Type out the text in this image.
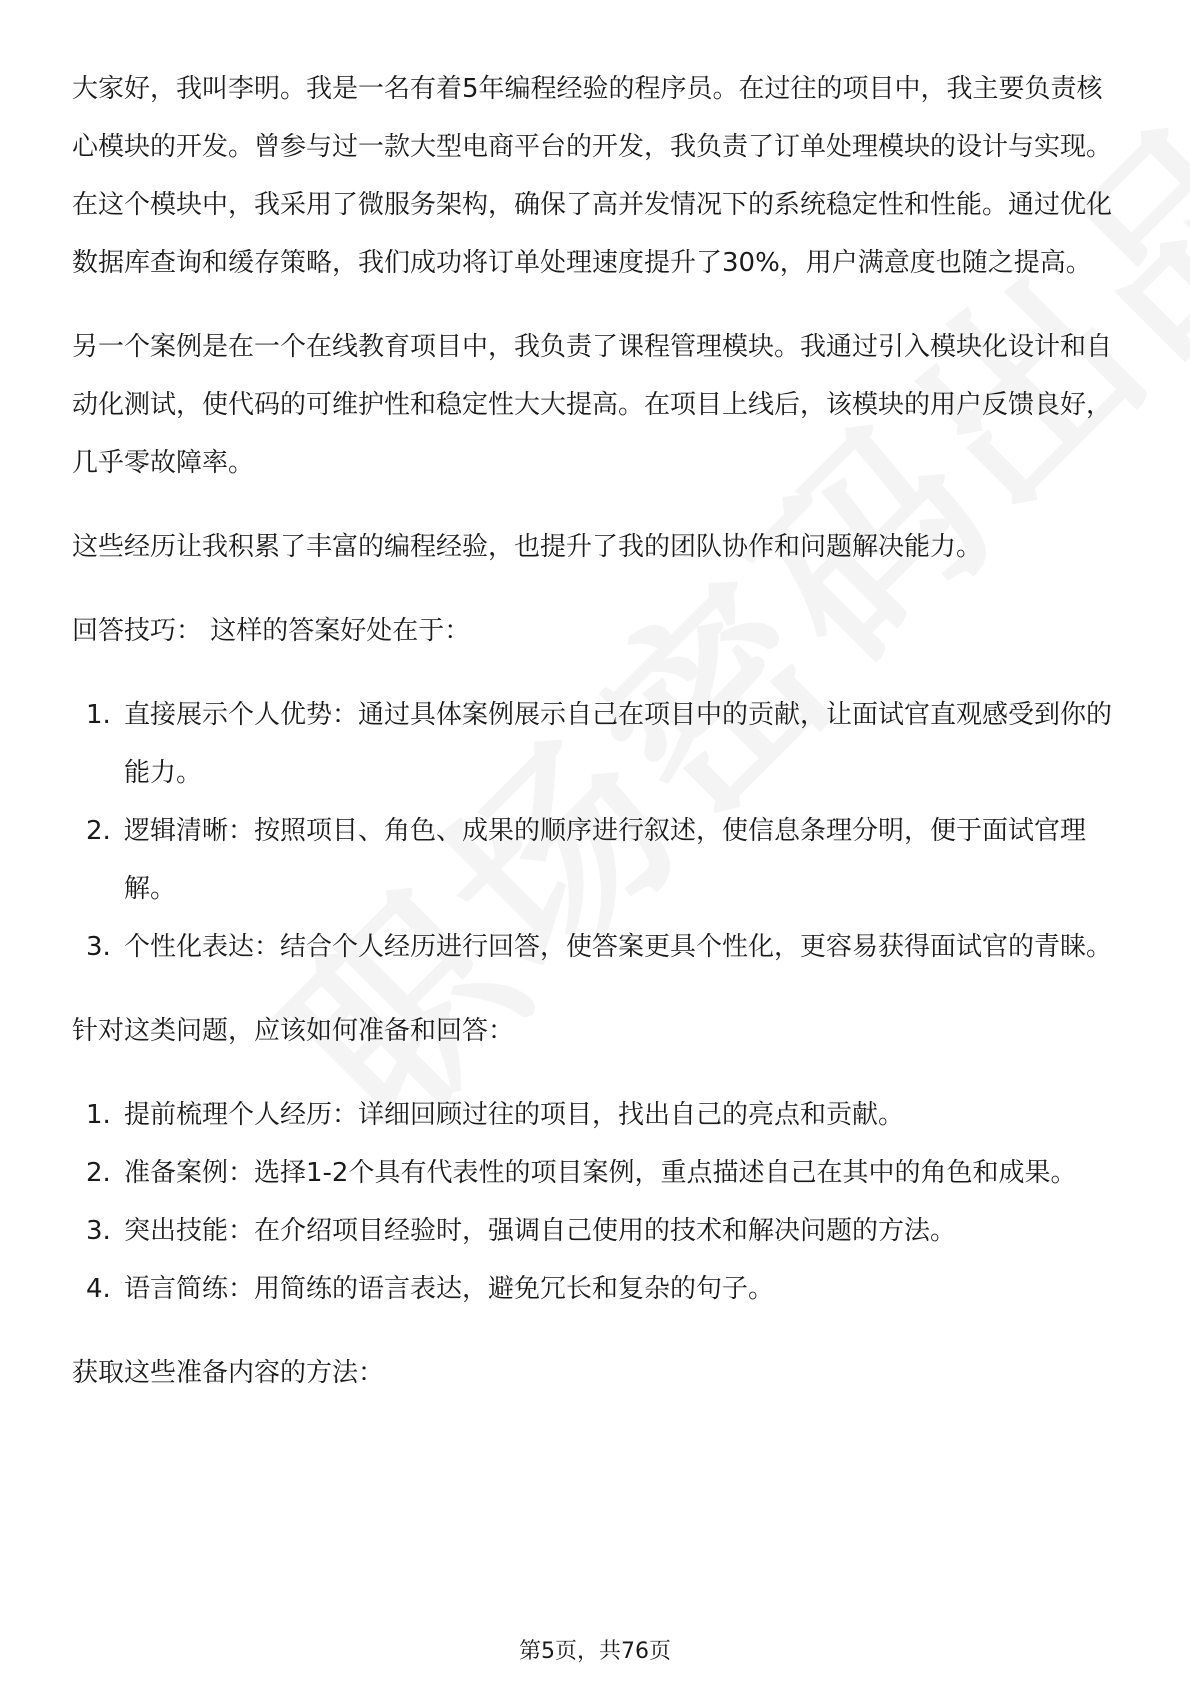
大家好，我叫李明。我是一名有着5年编程经验的程序员。在过往的项目中，我主要负责核心模块的开发。曾参与过一款大型电商平台的开发，我负责了订单处理模块的设计与实现。在这个模块中，我采用了微服务架构，确保了高并发情况下的系统稳定性和性能。通过优化数据库查询和缓存策略，我们成功将订单处理速度提升了30%，用户满意度也随之提高。

另一个案例是在一个在线教育项目中，我负责了课程管理模块。我通过引入模块化设计和自动化测试，使代码的可维护性和稳定性大大提高。在项目上线后，该模块的用户反馈良好，几乎零故障率。

这些经历让我积累了丰富的编程经验，也提升了我的团队协作和问题解决能力。

回答技巧： 这样的答案好处在于：

1. 直接展示个人优势：通过具体案例展示自己在项目中的贡献，让面试官直观感受到你的能力。
2. 逻辑清晰：按照项目、角色、成果的顺序进行叙述，使信息条理分明，便于面试官理解。
3. 个性化表达：结合个人经历进行回答，使答案更具个性化，更容易获得面试官的青睐。

针对这类问题，应该如何准备和回答：

1. 提前梳理个人经历：详细回顾过往的项目，找出自己的亮点和贡献。
2. 准备案例：选择1-2个具有代表性的项目案例，重点描述自己在其中的角色和成果。
3. 突出技能：在介绍项目经验时，强调自己使用的技术和解决问题的方法。
4. 语言简练：用简练的语言表达，避免冗长和复杂的句子。

获取这些准备内容的方法：

第5页，共76页
